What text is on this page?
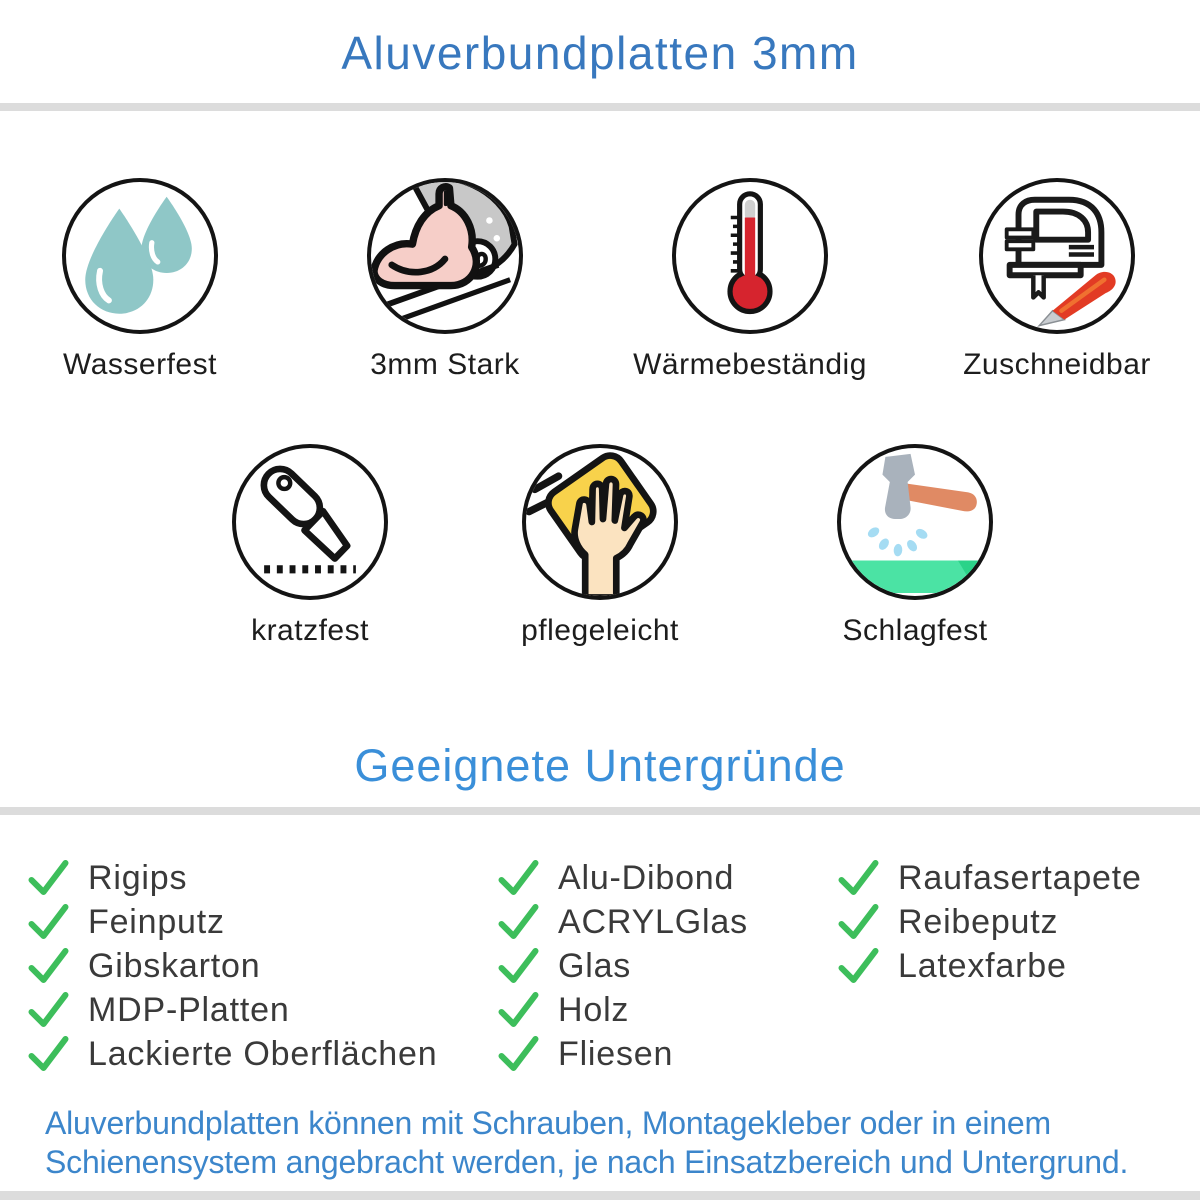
Aluverbundplatten 3mm
Wasserfest	3mm Stark	Wärmebeständig	Zuschneidbar
kratzfest	pflegeleicht	Schlagfest
Geeignete Untergründe
Rigips
Feinputz
Gibskarton
MDP-Platten
Lackierte Oberflächen
Alu-Dibond
ACRYLGlas
Glas
Holz
Fliesen
Raufasertapete
Reibeputz
Latexfarbe
Aluverbundplatten können mit Schrauben, Montagekleber oder in einem Schienensystem angebracht werden, je nach Einsatzbereich und Untergrund.
